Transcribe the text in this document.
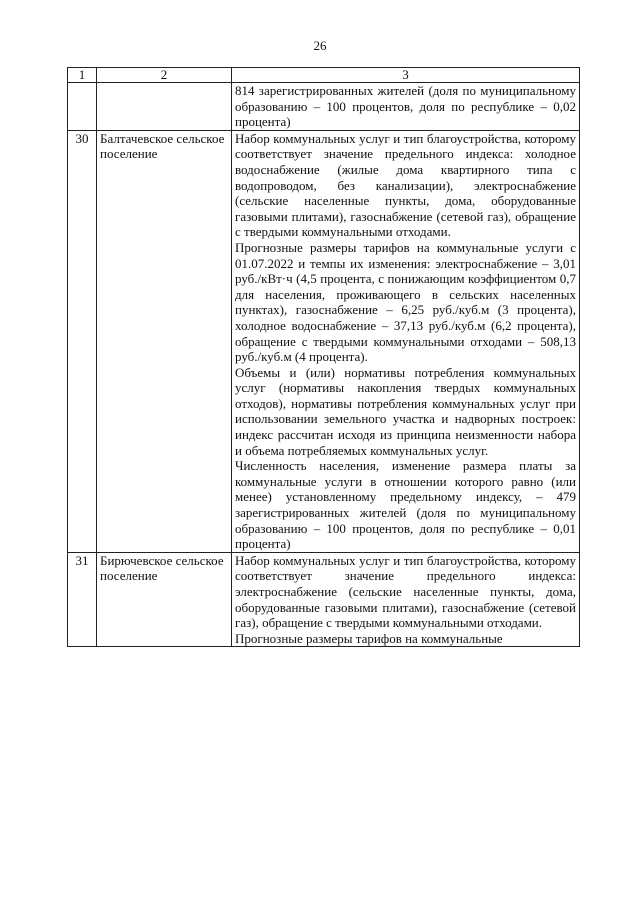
26
1	2	3

		814 зарегистрированных жителей (доля по муниципальному образованию – 100 процентов, доля по республике – 0,02 процента)

30	Балтачевское сельское поселение	Набор коммунальных услуг и тип благоустройства, которому соответствует значение предельного индекса: холодное водоснабжение (жилые дома квартирного типа с водопроводом, без канализации), электроснабжение (сельские населенные пункты, дома, оборудованные газовыми плитами), газоснабжение (сетевой газ), обращение с твердыми коммунальными отходами.

Прогнозные размеры тарифов на коммунальные услуги с 01.07.2022 и темпы их изменения: электроснабжение – 3,01 руб./кВт·ч (4,5 процента, с понижающим коэффициентом 0,7 для населения, проживающего в сельских населенных пунктах), газоснабжение – 6,25 руб./куб.м (3 процента), холодное водоснабжение – 37,13 руб./куб.м (6,2 процента), обращение с твердыми коммунальными отходами – 508,13 руб./куб.м (4 процента).

Объемы и (или) нормативы потребления коммунальных услуг (нормативы накопления твердых коммунальных отходов), нормативы потребления коммунальных услуг при использовании земельного участка и надворных построек: индекс рассчитан исходя из принципа неизменности набора и объема потребляемых коммунальных услуг.

Численность населения, изменение размера платы за коммунальные услуги в отношении которого равно (или менее) установленному предельному индексу, – 479 зарегистрированных жителей (доля по муниципальному образованию – 100 процентов, доля по республике – 0,01 процента)

31	Бирючевское сельское поселение	Набор коммунальных услуг и тип благоустройства, которому соответствует значение предельного индекса: электроснабжение (сельские населенные пункты, дома, оборудованные газовыми плитами), газоснабжение (сетевой газ), обращение с твердыми коммунальными отходами.

Прогнозные размеры тарифов на коммунальные
